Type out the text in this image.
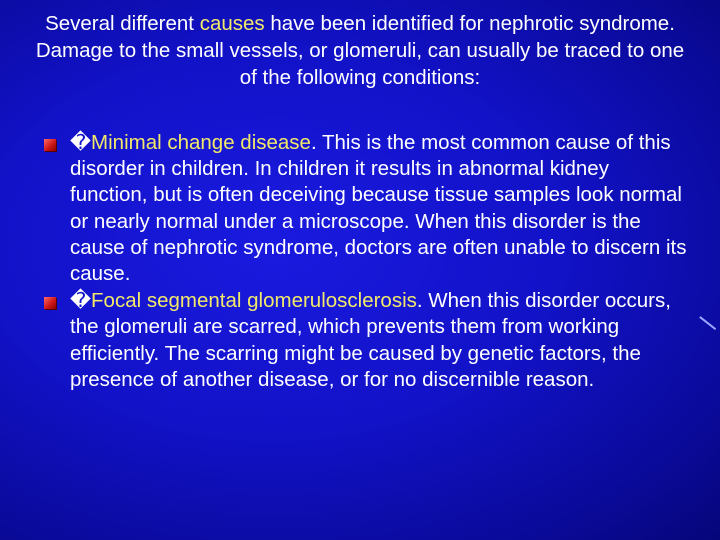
Several different causes have been identified for nephrotic syndrome. Damage to the small vessels, or glomeruli, can usually be traced to one of the following conditions:
�Minimal change disease. This is the most common cause of this disorder in children. In children it results in abnormal kidney function, but is often deceiving because tissue samples look normal or nearly normal under a microscope. When this disorder is the cause of nephrotic syndrome, doctors are often unable to discern its cause.
�Focal segmental glomerulosclerosis. When this disorder occurs, the glomeruli are scarred, which prevents them from working efficiently. The scarring might be caused by genetic factors, the presence of another disease, or for no discernible reason.
